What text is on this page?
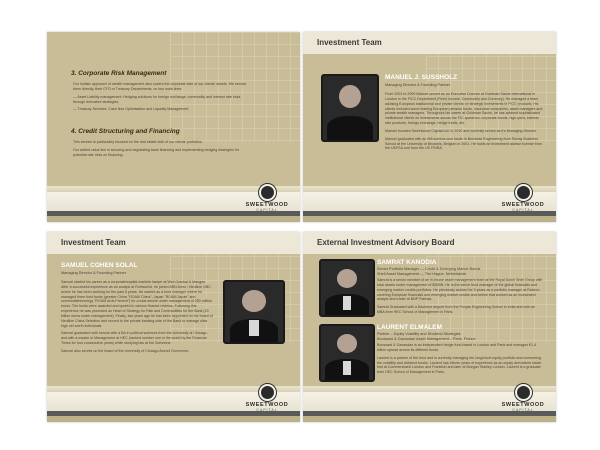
3. Corporate Risk Management

Our holistic approach of wealth management also covers the corporate side of our clients' assets. We service them directly, their CFO or Treasury Departments, on two main lines:

— Asset Liability management: Hedging solutions for foreign exchange, commodity and interest rate risks through derivative strategies.

— Treasury Services: Cash flow Optimisation and Liquidity Management.

4. Credit Structuring and Financing

This service is particularly focused on the real estate side of our clients' portfolios.

Our added value lies in securing and negotiating bank financing and implementing hedging strategies for potential rate risks on financing.

SWEETWOOD
CAPITAL
Investment Team
MANUEL J. SUSSHOLZ
Managing Director & Founding Partner

From 2001 to 2009 Manuel served as an Executive Director at Goldman Sachs International in London in the FICC Department (Fixed Income, Commodity and Currency). He managed a team advising European institutional and private clients on strategic investments in FICC products. His clients included some leading European pension funds, insurance companies, asset managers and private wealth managers. Throughout his career at Goldman Sachs, he has advised sophisticated institutional clients on investments across the FIC spectrum: corporate bonds, high-yield, interest rate products, foreign exchange, hedge funds, etc.

Manuel founded Sweetwood Capital Ltd. in 2010 and currently serves as it's Managing Director.

Manuel graduated with an MA summa cum laude in Business Engineering from Solvay Business School at the University of Brussels, Belgium in 2001. He holds an investment advisor license from the UKFSA and from the US FINRA.

SWEETWOOD
CAPITAL
Investment Team
SAMUEL COHEN SOLAL
Managing Director & Founding Partner

Samuel started his career as a corporate/capital markets lawyer at Weil Gotshal & Manges. After a successful experience as an analyst at Rothschild, he joined ABN Amro / Neuflize OBC where he has been working for the past 5 years. He started as a fund manager where he managed three fund funds (greater China "ROAM China", Japan "ROAM Japan" and commodities/energy "ROAM Ards Prevent") for a total assets under management of 250 million euros. The funds were awarded and quoted in various finance reviews. Following this experience he was promoted as Head of Strategy for Risk and Commodities for the Bank (20 billion euros under management). Finally, two years ago he has been appointed on the board of Neuflize China Selection and moved to the private banking side of the Bank to manage ultra high net worth individuals.

Samuel graduated with honors with a BA in political sciences from the University of Chicago, and with a master in Management at HEC (ranked number one in the world by the Financial Times for four consecutive years) while studying law at the Sorbonne.

Samuel also serves on the board of the University of Chicago Alumni Governors.

SWEETWOOD
CAPITAL
External Investment Advisory Board
SAMRAT KANODIA
Senior Portfolio Manager — Credit & Emerging Market Bonds
Shell Asset Management — The Hague, Netherlands

Samrat is a senior member of an in-house asset management team at the Royal Dutch Shell Group with total assets under management of $30BN. He is the senior fund manager of the global financials and emerging market credits portfolios. He previously worked for 5 years as a portfolio manager at Robeco covering European financials and emerging market credits and before that worked as an investment analyst and trader at BNP Paribas.

Samrat Graduated with a Bachelor degree from the Punjab Engineering School in India and with an MBA from HEC School of Management in Paris.

LAURENT ELMALEM
Partner – Equity Volatility and Dividend Strategies
Boussard & Gavaudan Asset Management – Paris, France

Boussard & Gavaudan is an independent hedge fund based in London and Paris and manages €1.4 billion spread across its different funds.

Laurent is a partner of the fund and is currently managing the long/short equity portfolio and overseeing the volatility and dividend books. Laurent has eleven years of experience as an equity derivatives trader first at Commerzbank London and Frankfurt and later at Morgan Stanley London. Laurent is a graduate from HEC School of Management in Paris.

SWEETWOOD
CAPITAL
